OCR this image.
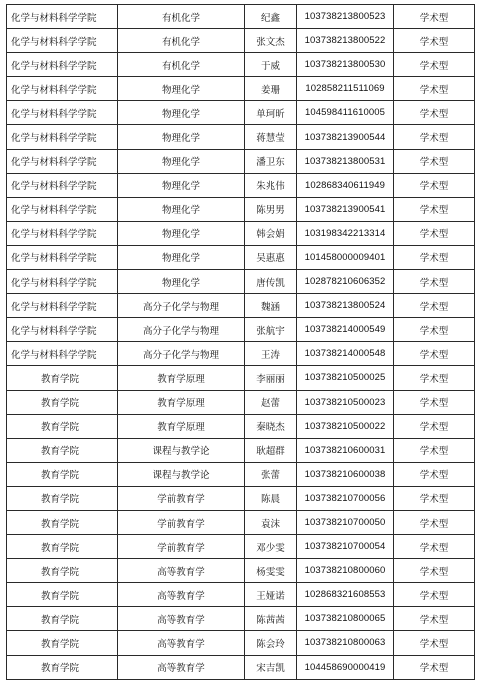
化学与材料科学学院	有机化学	纪鑫	103738213800523	学术型
化学与材料科学学院	有机化学	张文杰	103738213800522	学术型
化学与材料科学学院	有机化学	于威	103738213800530	学术型
化学与材料科学学院	物理化学	姜珊	102858211511069	学术型
化学与材料科学学院	物理化学	单珂昕	104598411610005	学术型
化学与材料科学学院	物理化学	蒋慧莹	103738213900544	学术型
化学与材料科学学院	物理化学	潘卫东	103738213800531	学术型
化学与材料科学学院	物理化学	朱兆伟	102868340611949	学术型
化学与材料科学学院	物理化学	陈男男	103738213900541	学术型
化学与材料科学学院	物理化学	韩会娟	103198342213314	学术型
化学与材料科学学院	物理化学	吴惠惠	101458000009401	学术型
化学与材料科学学院	物理化学	唐传凯	102878210606352	学术型
化学与材料科学学院	高分子化学与物理	魏涵	103738213800524	学术型
化学与材料科学学院	高分子化学与物理	张航宇	103738214000549	学术型
化学与材料科学学院	高分子化学与物理	王涛	103738214000548	学术型
教育学院	教育学原理	李丽丽	103738210500025	学术型
教育学院	教育学原理	赵蕾	103738210500023	学术型
教育学院	教育学原理	秦晓杰	103738210500022	学术型
教育学院	课程与教学论	耿超群	103738210600031	学术型
教育学院	课程与教学论	张蕾	103738210600038	学术型
教育学院	学前教育学	陈晨	103738210700056	学术型
教育学院	学前教育学	袁沫	103738210700050	学术型
教育学院	学前教育学	邓少雯	103738210700054	学术型
教育学院	高等教育学	杨雯雯	103738210800060	学术型
教育学院	高等教育学	王娅诺	102868321608553	学术型
教育学院	高等教育学	陈茜茜	103738210800065	学术型
教育学院	高等教育学	陈会玲	103738210800063	学术型
教育学院	高等教育学	宋吉凯	104458690000419	学术型
